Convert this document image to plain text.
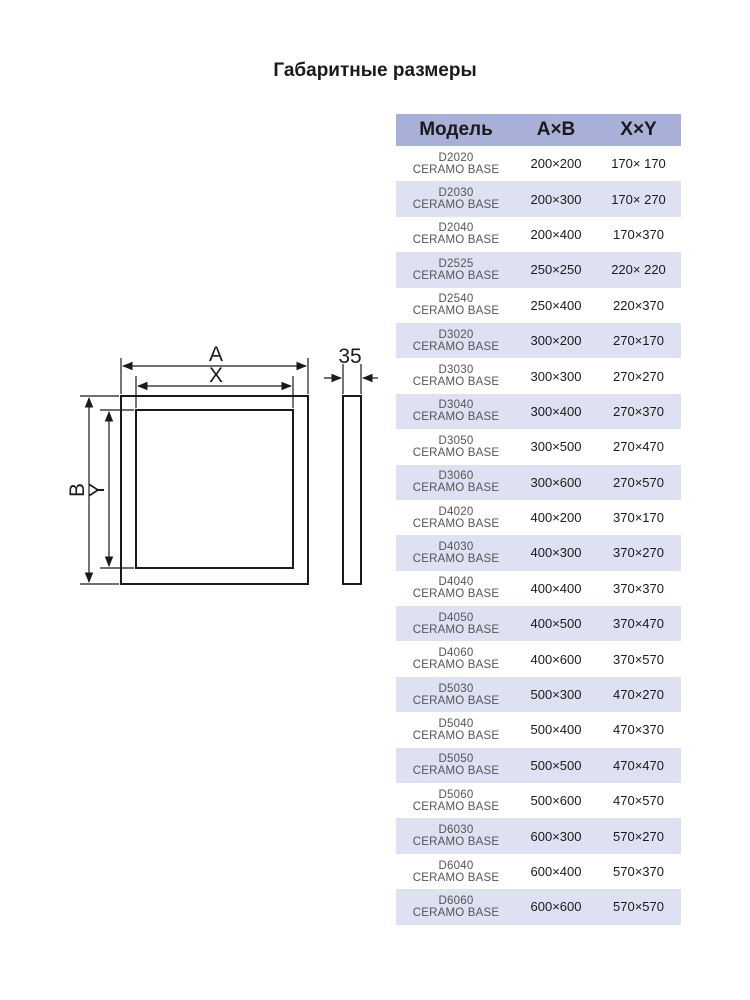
Габаритные размеры
A
X
35
B
Y
Модель	A×B	X×Y

D2020
CERAMO BASE	200×200	170× 170

D2030
CERAMO BASE	200×300	170× 270

D2040
CERAMO BASE	200×400	170×370

D2525
CERAMO BASE	250×250	220× 220

D2540
CERAMO BASE	250×400	220×370

D3020
CERAMO BASE	300×200	270×170

D3030
CERAMO BASE	300×300	270×270

D3040
CERAMO BASE	300×400	270×370

D3050
CERAMO BASE	300×500	270×470

D3060
CERAMO BASE	300×600	270×570

D4020
CERAMO BASE	400×200	370×170

D4030
CERAMO BASE	400×300	370×270

D4040
CERAMO BASE	400×400	370×370

D4050
CERAMO BASE	400×500	370×470

D4060
CERAMO BASE	400×600	370×570

D5030
CERAMO BASE	500×300	470×270

D5040
CERAMO BASE	500×400	470×370

D5050
CERAMO BASE	500×500	470×470

D5060
CERAMO BASE	500×600	470×570

D6030
CERAMO BASE	600×300	570×270

D6040
CERAMO BASE	600×400	570×370

D6060
CERAMO BASE	600×600	570×570
